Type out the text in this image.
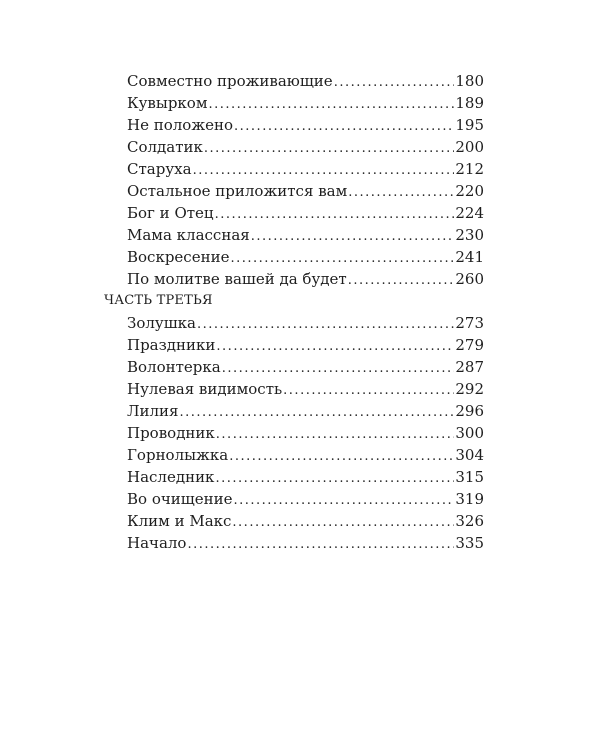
Совместно проживающие .....	180
Кувырком .....	189
Не положено .....	195
Солдатик .....	200
Старуха .....	212
Остальное приложится вам .....	220
Бог и Отец .....	224
Мама классная .....	230
Воскресение .....	241
По молитве вашей да будет .....	260
ЧАСТЬ ТРЕТЬЯ
Золушка .....	273
Праздники .....	279
Волонтерка .....	287
Нулевая видимость .....	292
Лилия .....	296
Проводник .....	300
Горнолыжка .....	304
Наследник .....	315
Во очищение .....	319
Клим и Макс .....	326
Начало .....	335
